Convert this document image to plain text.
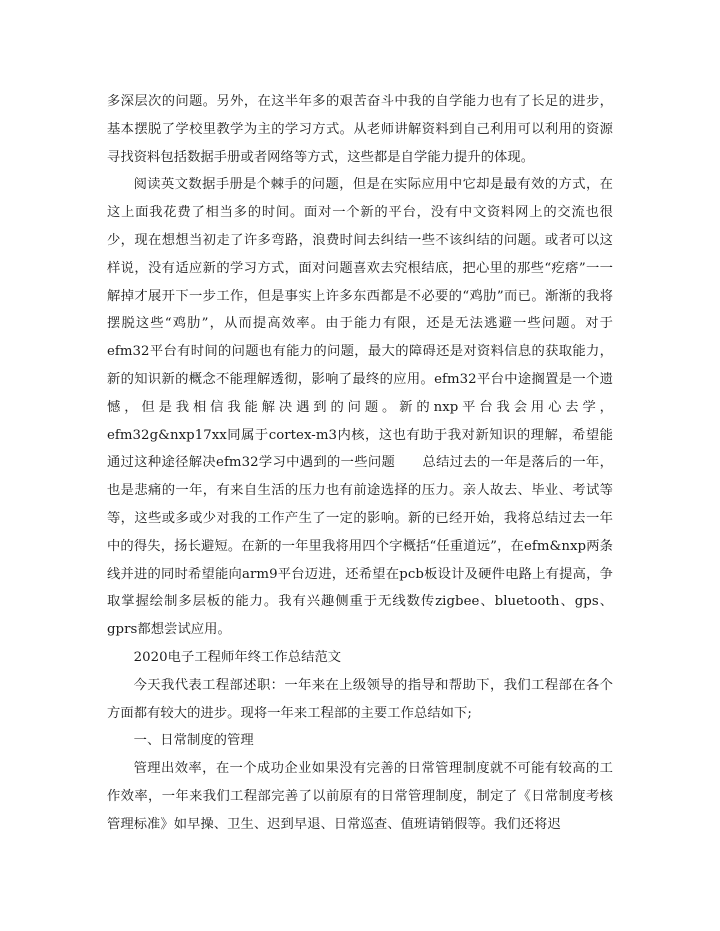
多深层次的问题。另外，在这半年多的艰苦奋斗中我的自学能力也有了长足的进步，基本摆脱了学校里教学为主的学习方式。从老师讲解资料到自己利用可以利用的资源寻找资料包括数据手册或者网络等方式，这些都是自学能力提升的体现。

阅读英文数据手册是个棘手的问题，但是在实际应用中它却是最有效的方式，在这上面我花费了相当多的时间。面对一个新的平台，没有中文资料网上的交流也很少，现在想想当初走了许多弯路，浪费时间去纠结一些不该纠结的问题。或者可以这样说，没有适应新的学习方式，面对问题喜欢去究根结底，把心里的那些“疙瘩”一一解掉才展开下一步工作，但是事实上许多东西都是不必要的“鸡肋”而已。渐渐的我将摆脱这些“鸡肋”，从而提高效率。由于能力有限，还是无法逃避一些问题。对于efm32平台有时间的问题也有能力的问题，最大的障碍还是对资料信息的获取能力，新的知识新的概念不能理解透彻，影响了最终的应用。efm32平台中途搁置是一个遗憾，但是我相信我能解决遇到的问题。新的nxp平台我会用心去学， efm32g&nxp17xx同属于cortex-m3内核，这也有助于我对新知识的理解，希望能通过这种途径解决efm32学习中遇到的一些问题　　总结过去的一年是落后的一年，也是悲痛的一年，有来自生活的压力也有前途选择的压力。亲人故去、毕业、考试等等，这些或多或少对我的工作产生了一定的影响。新的已经开始，我将总结过去一年中的得失，扬长避短。在新的一年里我将用四个字概括“任重道远”，在efm&nxp两条线并进的同时希望能向arm9平台迈进，还希望在pcb板设计及硬件电路上有提高，争取掌握绘制多层板的能力。我有兴趣侧重于无线数传zigbee、bluetooth、gps、gprs都想尝试应用。

2020电子工程师年终工作总结范文

今天我代表工程部述职：一年来在上级领导的指导和帮助下，我们工程部在各个方面都有较大的进步。现将一年来工程部的主要工作总结如下;

一、日常制度的管理

管理出效率，在一个成功企业如果没有完善的日常管理制度就不可能有较高的工作效率，一年来我们工程部完善了以前原有的日常管理制度，制定了《日常制度考核管理标准》如早操、卫生、迟到早退、日常巡查、值班请销假等。我们还将迟
